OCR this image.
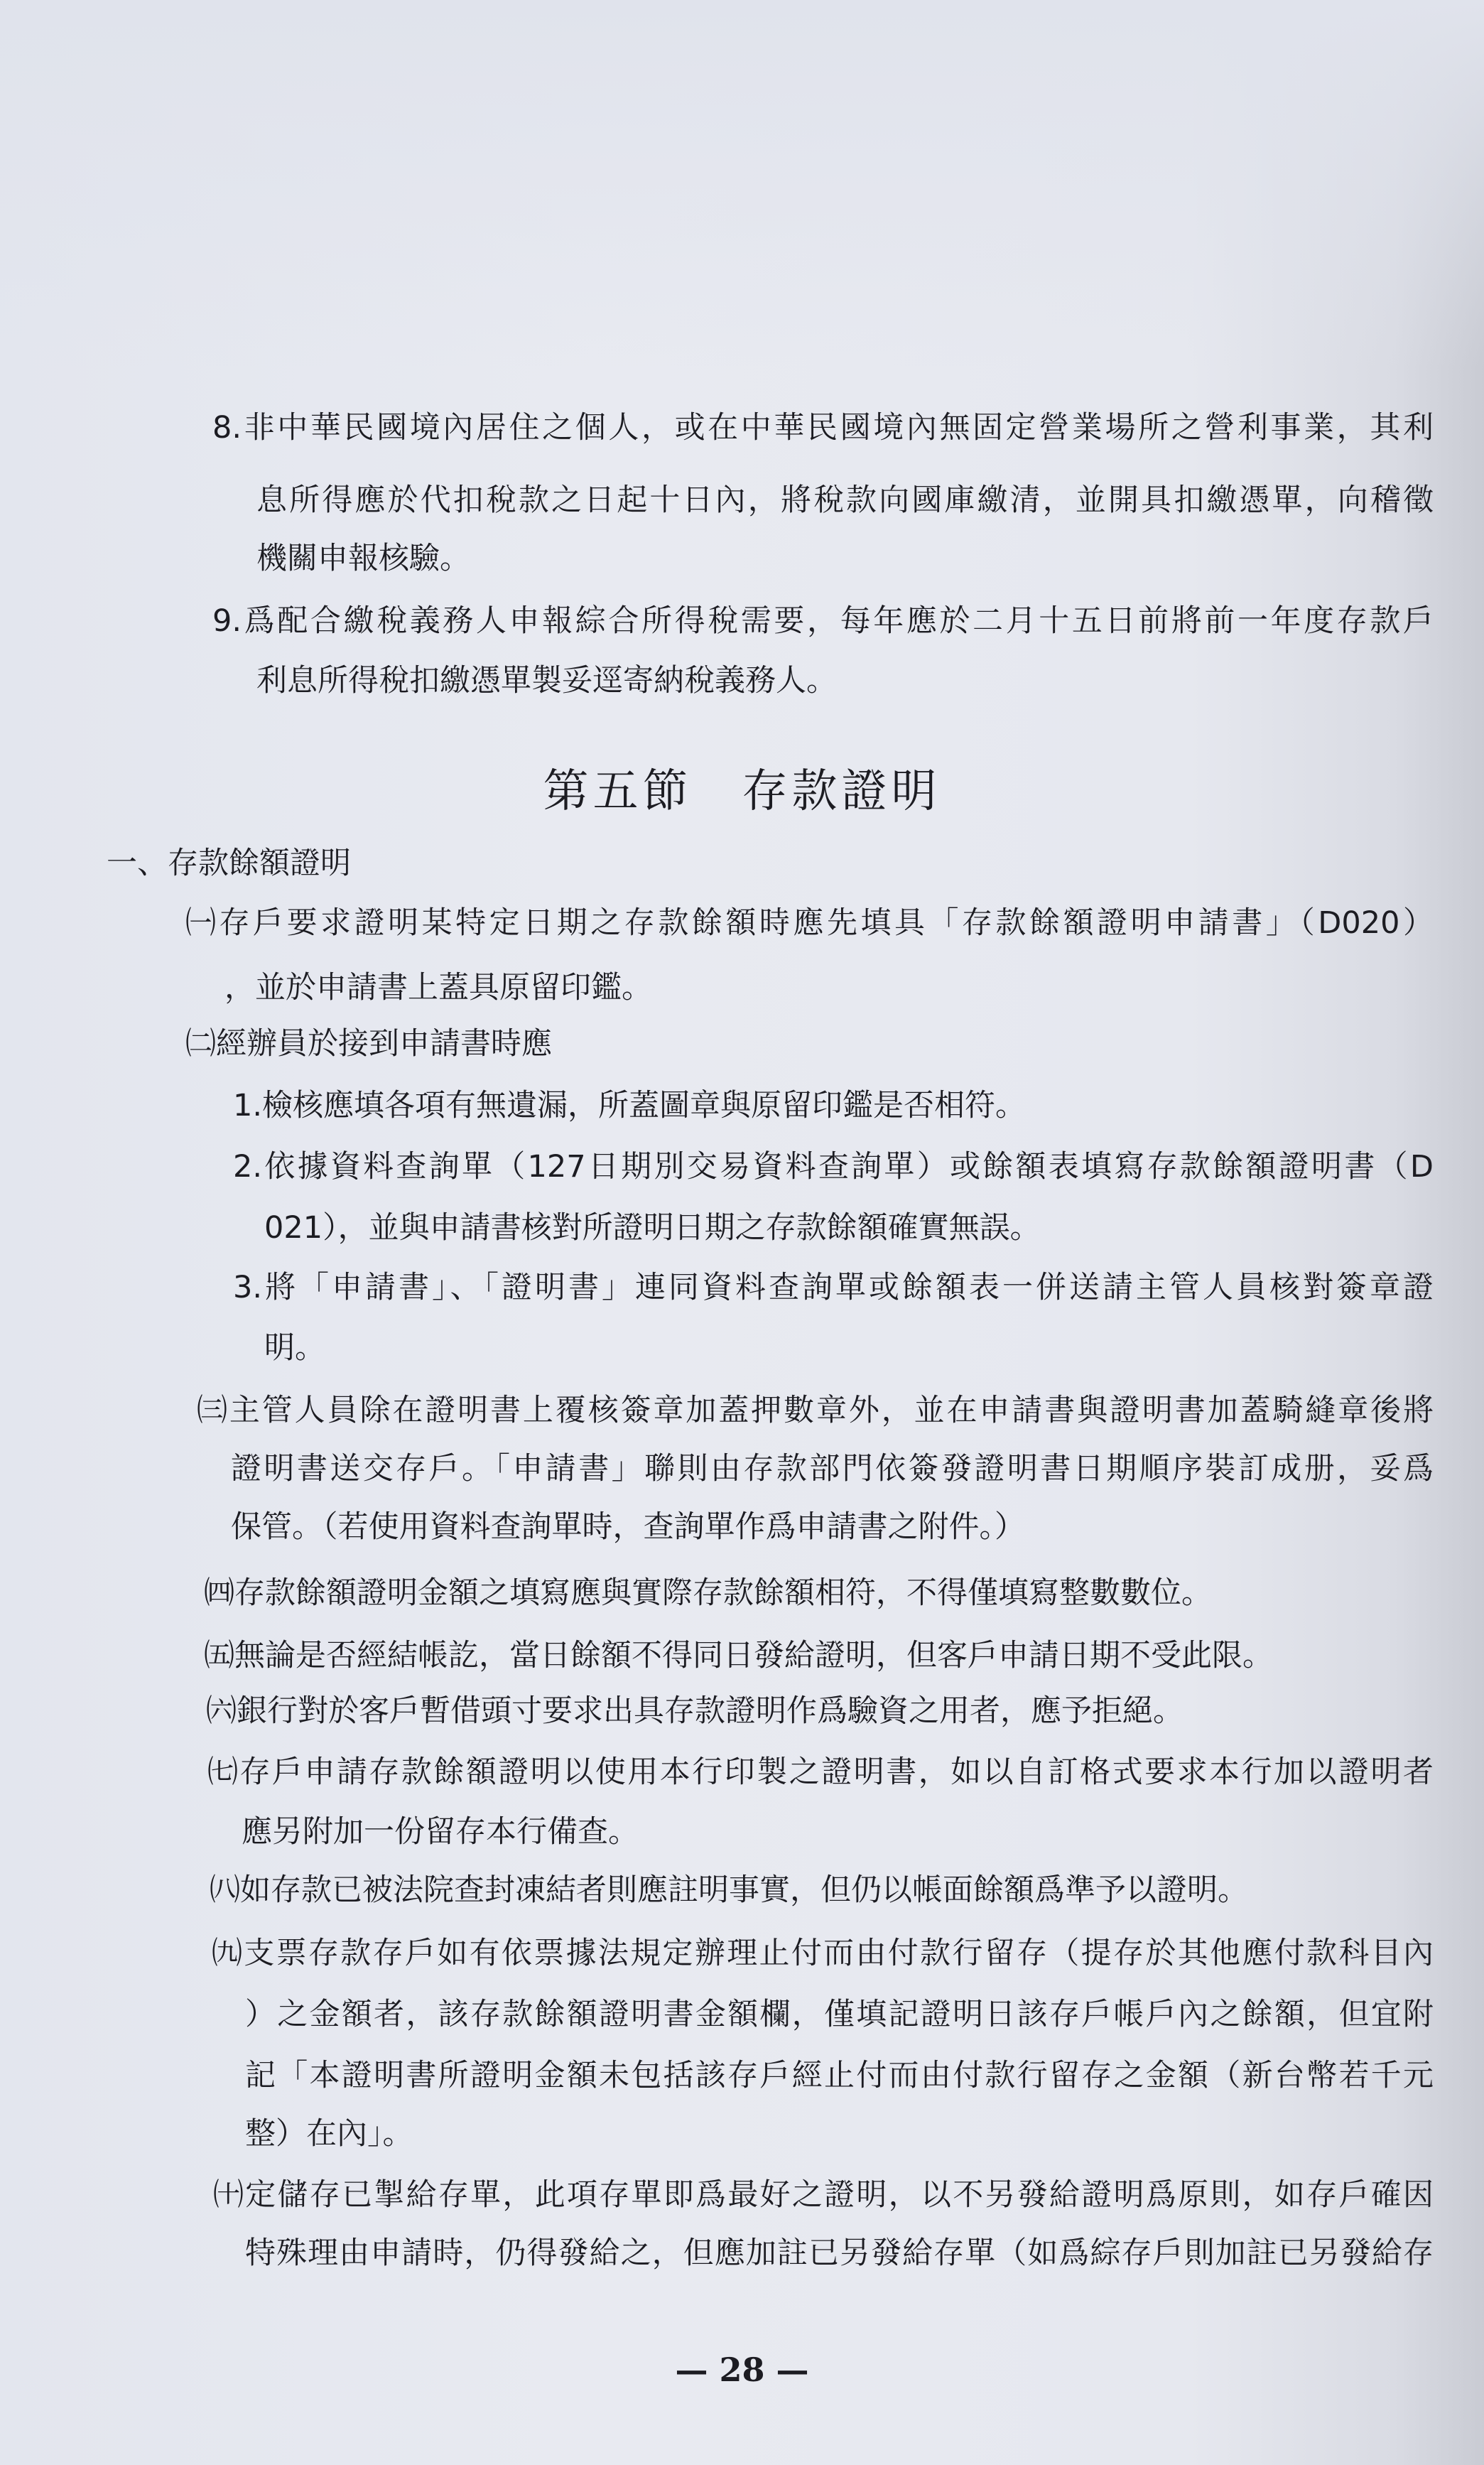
8.非中華民國境內居住之個人，或在中華民國境內無固定營業場所之營利事業，其利
息所得應於代扣稅款之日起十日內，將稅款向國庫繳清，並開具扣繳憑單，向稽徵
機關申報核驗。
9.爲配合繳稅義務人申報綜合所得稅需要，每年應於二月十五日前將前一年度存款戶
利息所得稅扣繳憑單製妥逕寄納稅義務人。
第五節　存款證明
一、存款餘額證明
㈠存戶要求證明某特定日期之存款餘額時應先填具「存款餘額證明申請書」（D020）
，並於申請書上蓋具原留印鑑。
㈡經辦員於接到申請書時應
1.檢核應填各項有無遺漏，所蓋圖章與原留印鑑是否相符。
2.依據資料查詢單（127日期別交易資料查詢單）或餘額表填寫存款餘額證明書（D
021），並與申請書核對所證明日期之存款餘額確實無誤。
3.將「申請書」、「證明書」連同資料查詢單或餘額表一併送請主管人員核對簽章證
明。
㈢主管人員除在證明書上覆核簽章加蓋押數章外，並在申請書與證明書加蓋騎縫章後將
證明書送交存戶。「申請書」聯則由存款部門依簽發證明書日期順序裝訂成册，妥爲
保管。（若使用資料查詢單時，查詢單作爲申請書之附件。）
㈣存款餘額證明金額之填寫應與實際存款餘額相符，不得僅填寫整數數位。
㈤無論是否經結帳訖，當日餘額不得同日發給證明，但客戶申請日期不受此限。
㈥銀行對於客戶暫借頭寸要求出具存款證明作爲驗資之用者，應予拒絕。
㈦存戶申請存款餘額證明以使用本行印製之證明書，如以自訂格式要求本行加以證明者
應另附加一份留存本行備查。
㈧如存款已被法院查封凍結者則應註明事實，但仍以帳面餘額爲準予以證明。
㈨支票存款存戶如有依票據法規定辦理止付而由付款行留存（提存於其他應付款科目內
）之金額者，該存款餘額證明書金額欄，僅填記證明日該存戶帳戶內之餘額，但宜附
記「本證明書所證明金額未包括該存戶經止付而由付款行留存之金額（新台幣若千元
整）在內」。
㈩定儲存已掣給存單，此項存單即爲最好之證明，以不另發給證明爲原則，如存戶確因
特殊理由申請時，仍得發給之，但應加註已另發給存單（如爲綜存戶則加註已另發給存
— 28 —
